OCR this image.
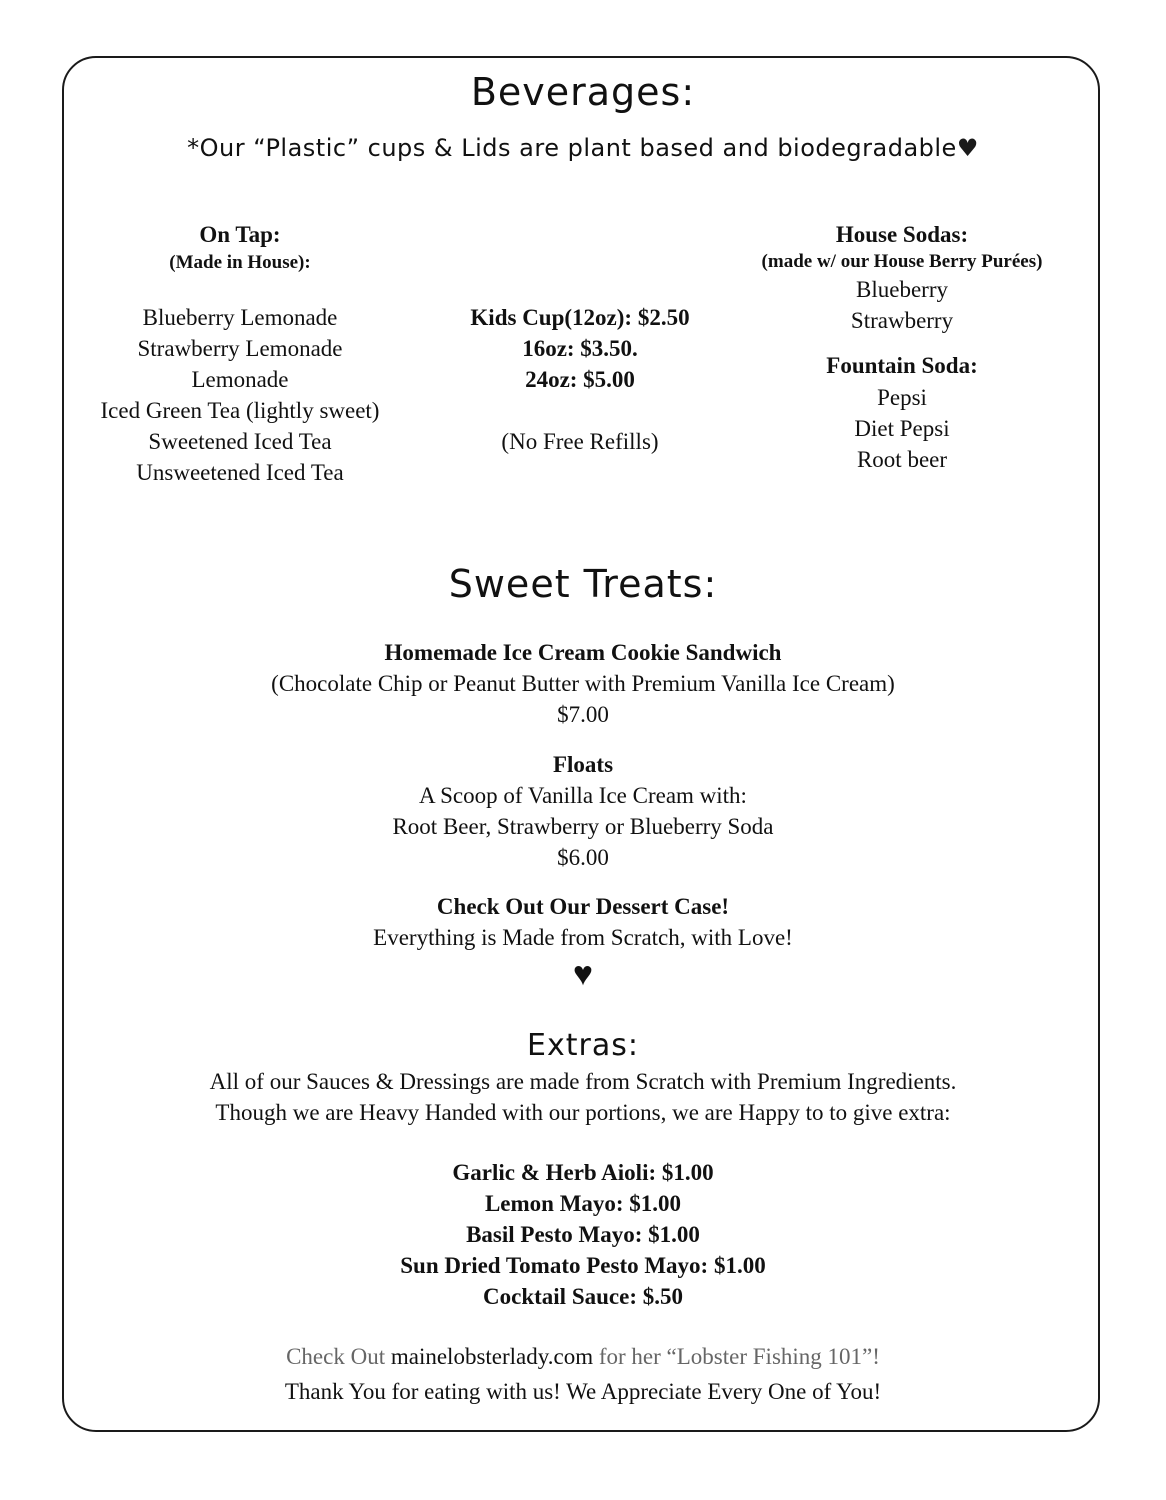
Beverages:
*Our “Plastic” cups & Lids are plant based and biodegradable♥
On Tap:
(Made in House):
Blueberry Lemonade
Strawberry Lemonade
Lemonade
Iced Green Tea (lightly sweet)
Sweetened Iced Tea
Unsweetened Iced Tea
Kids Cup(12oz): $2.50
16oz: $3.50.
24oz: $5.00
(No Free Refills)
House Sodas:
(made w/ our House Berry Purées)
Blueberry
Strawberry
Fountain Soda:
Pepsi
Diet Pepsi
Root beer
Sweet Treats:
Homemade Ice Cream Cookie Sandwich
(Chocolate Chip or Peanut Butter with Premium Vanilla Ice Cream)
$7.00
Floats
A Scoop of Vanilla Ice Cream with:
Root Beer, Strawberry or Blueberry Soda
$6.00
Check Out Our Dessert Case!
Everything is Made from Scratch, with Love!
♥
Extras:
All of our Sauces & Dressings are made from Scratch with Premium Ingredients.
Though we are Heavy Handed with our portions, we are Happy to to give extra:
Garlic & Herb Aioli: $1.00
Lemon Mayo: $1.00
Basil Pesto Mayo: $1.00
Sun Dried Tomato Pesto Mayo: $1.00
Cocktail Sauce: $.50
Check Out mainelobsterlady.com for her “Lobster Fishing 101”!
Thank You for eating with us! We Appreciate Every One of You!
